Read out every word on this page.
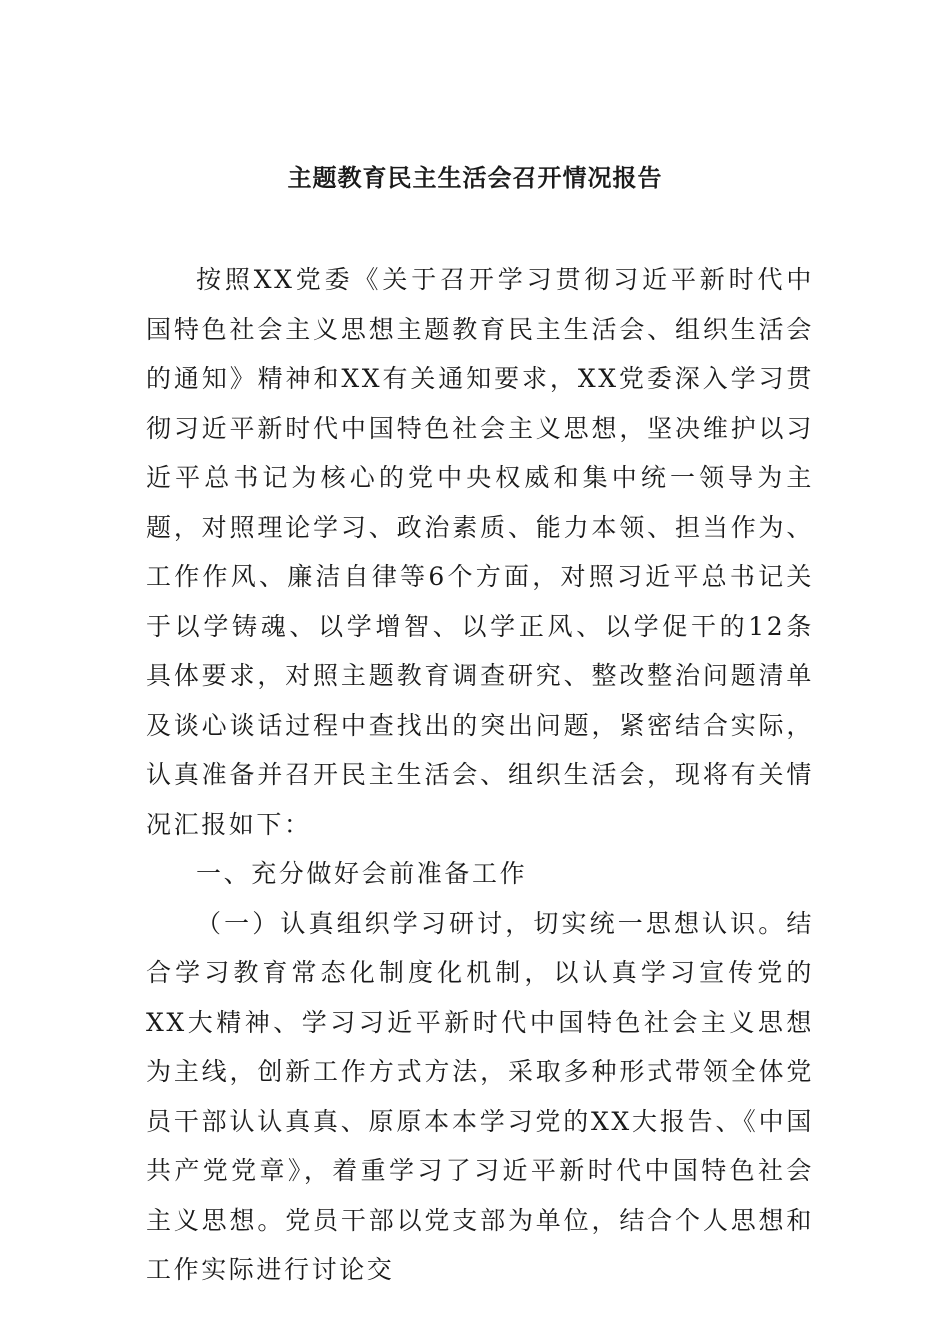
主题教育民主生活会召开情况报告

按照XX党委《关于召开学习贯彻习近平新时代中国特色社会主义思想主题教育民主生活会、组织生活会的通知》精神和XX有关通知要求，XX党委深入学习贯彻习近平新时代中国特色社会主义思想，坚决维护以习近平总书记为核心的党中央权威和集中统一领导为主题，对照理论学习、政治素质、能力本领、担当作为、工作作风、廉洁自律等6个方面，对照习近平总书记关于以学铸魂、以学增智、以学正风、以学促干的12条具体要求，对照主题教育调查研究、整改整治问题清单及谈心谈话过程中查找出的突出问题，紧密结合实际，认真准备并召开民主生活会、组织生活会，现将有关情况汇报如下：

一、充分做好会前准备工作

（一）认真组织学习研讨，切实统一思想认识。结合学习教育常态化制度化机制，以认真学习宣传党的XX大精神、学习习近平新时代中国特色社会主义思想为主线，创新工作方式方法，采取多种形式带领全体党员干部认认真真、原原本本学习党的XX大报告、《中国共产党党章》，着重学习了习近平新时代中国特色社会主义思想。党员干部以党支部为单位，结合个人思想和工作实际进行讨论交
